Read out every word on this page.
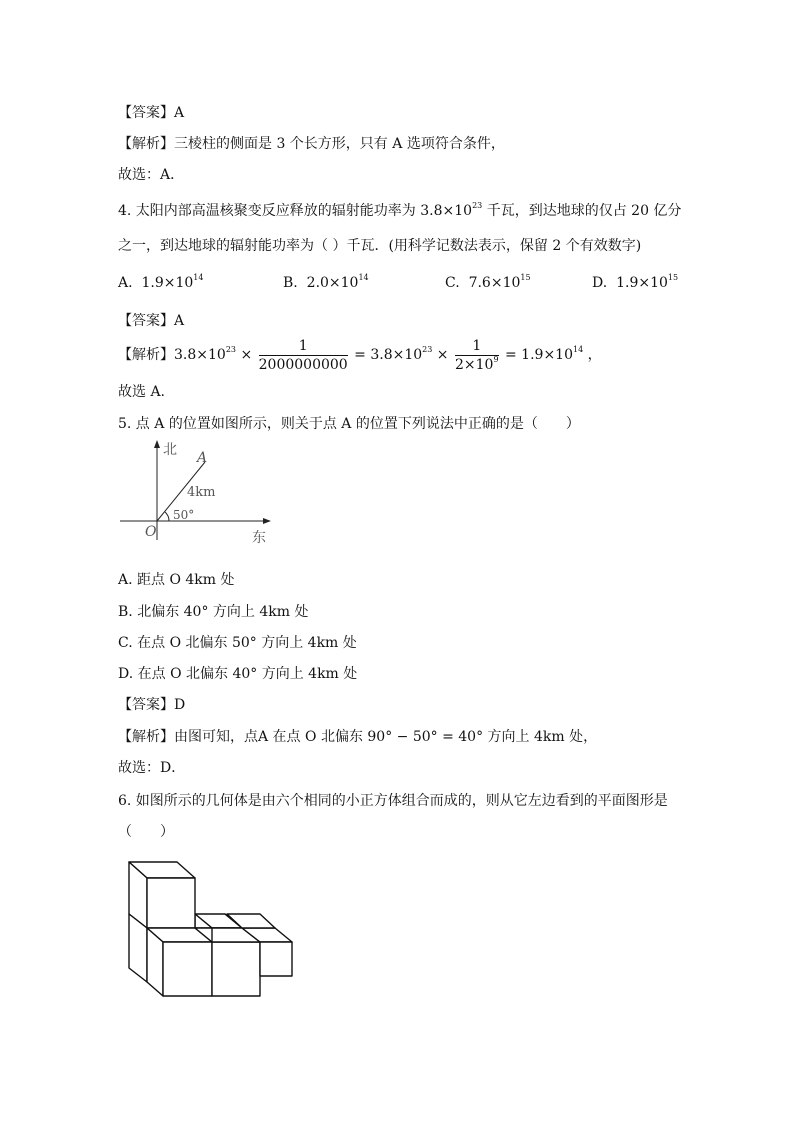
【答案】A
【解析】三棱柱的侧面是 3 个长方形，只有 A 选项符合条件，
故选：A．
4. 太阳内部高温核聚变反应释放的辐射能功率为 $3.8\times 10^{23}$ 千瓦，到达地球的仅占 20 亿分
之一，到达地球的辐射能功率为（ ）千瓦．(用科学记数法表示，保留 2 个有效数字)
A. $1.9\times 10^{14}$	B. $2.0\times 10^{14}$	C. $7.6\times 10^{15}$	D. $1.9\times 10^{15}$
【答案】A
【解析】$3.8\times 10^{23} \times \frac{1}{2000000000} = 3.8\times 10^{23} \times \frac{1}{2\times 10^9} = 1.9\times 10^{14}$ ，
故选 A.
5. 点 A 的位置如图所示，则关于点 A 的位置下列说法中正确的是（　　）
北 A
4km
50°
O	东
A. 距点 O 4km 处
B. 北偏东 40° 方向上 4km 处
C. 在点 O 北偏东 50° 方向上 4km 处
D. 在点 O 北偏东 40° 方向上 4km 处
【答案】D
【解析】由图可知，点A 在点 O 北偏东 90° − 50° = 40° 方向上 4km 处，
故选：D．
6. 如图所示的几何体是由六个相同的小正方体组合而成的，则从它左边看到的平面图形是
（　　）
